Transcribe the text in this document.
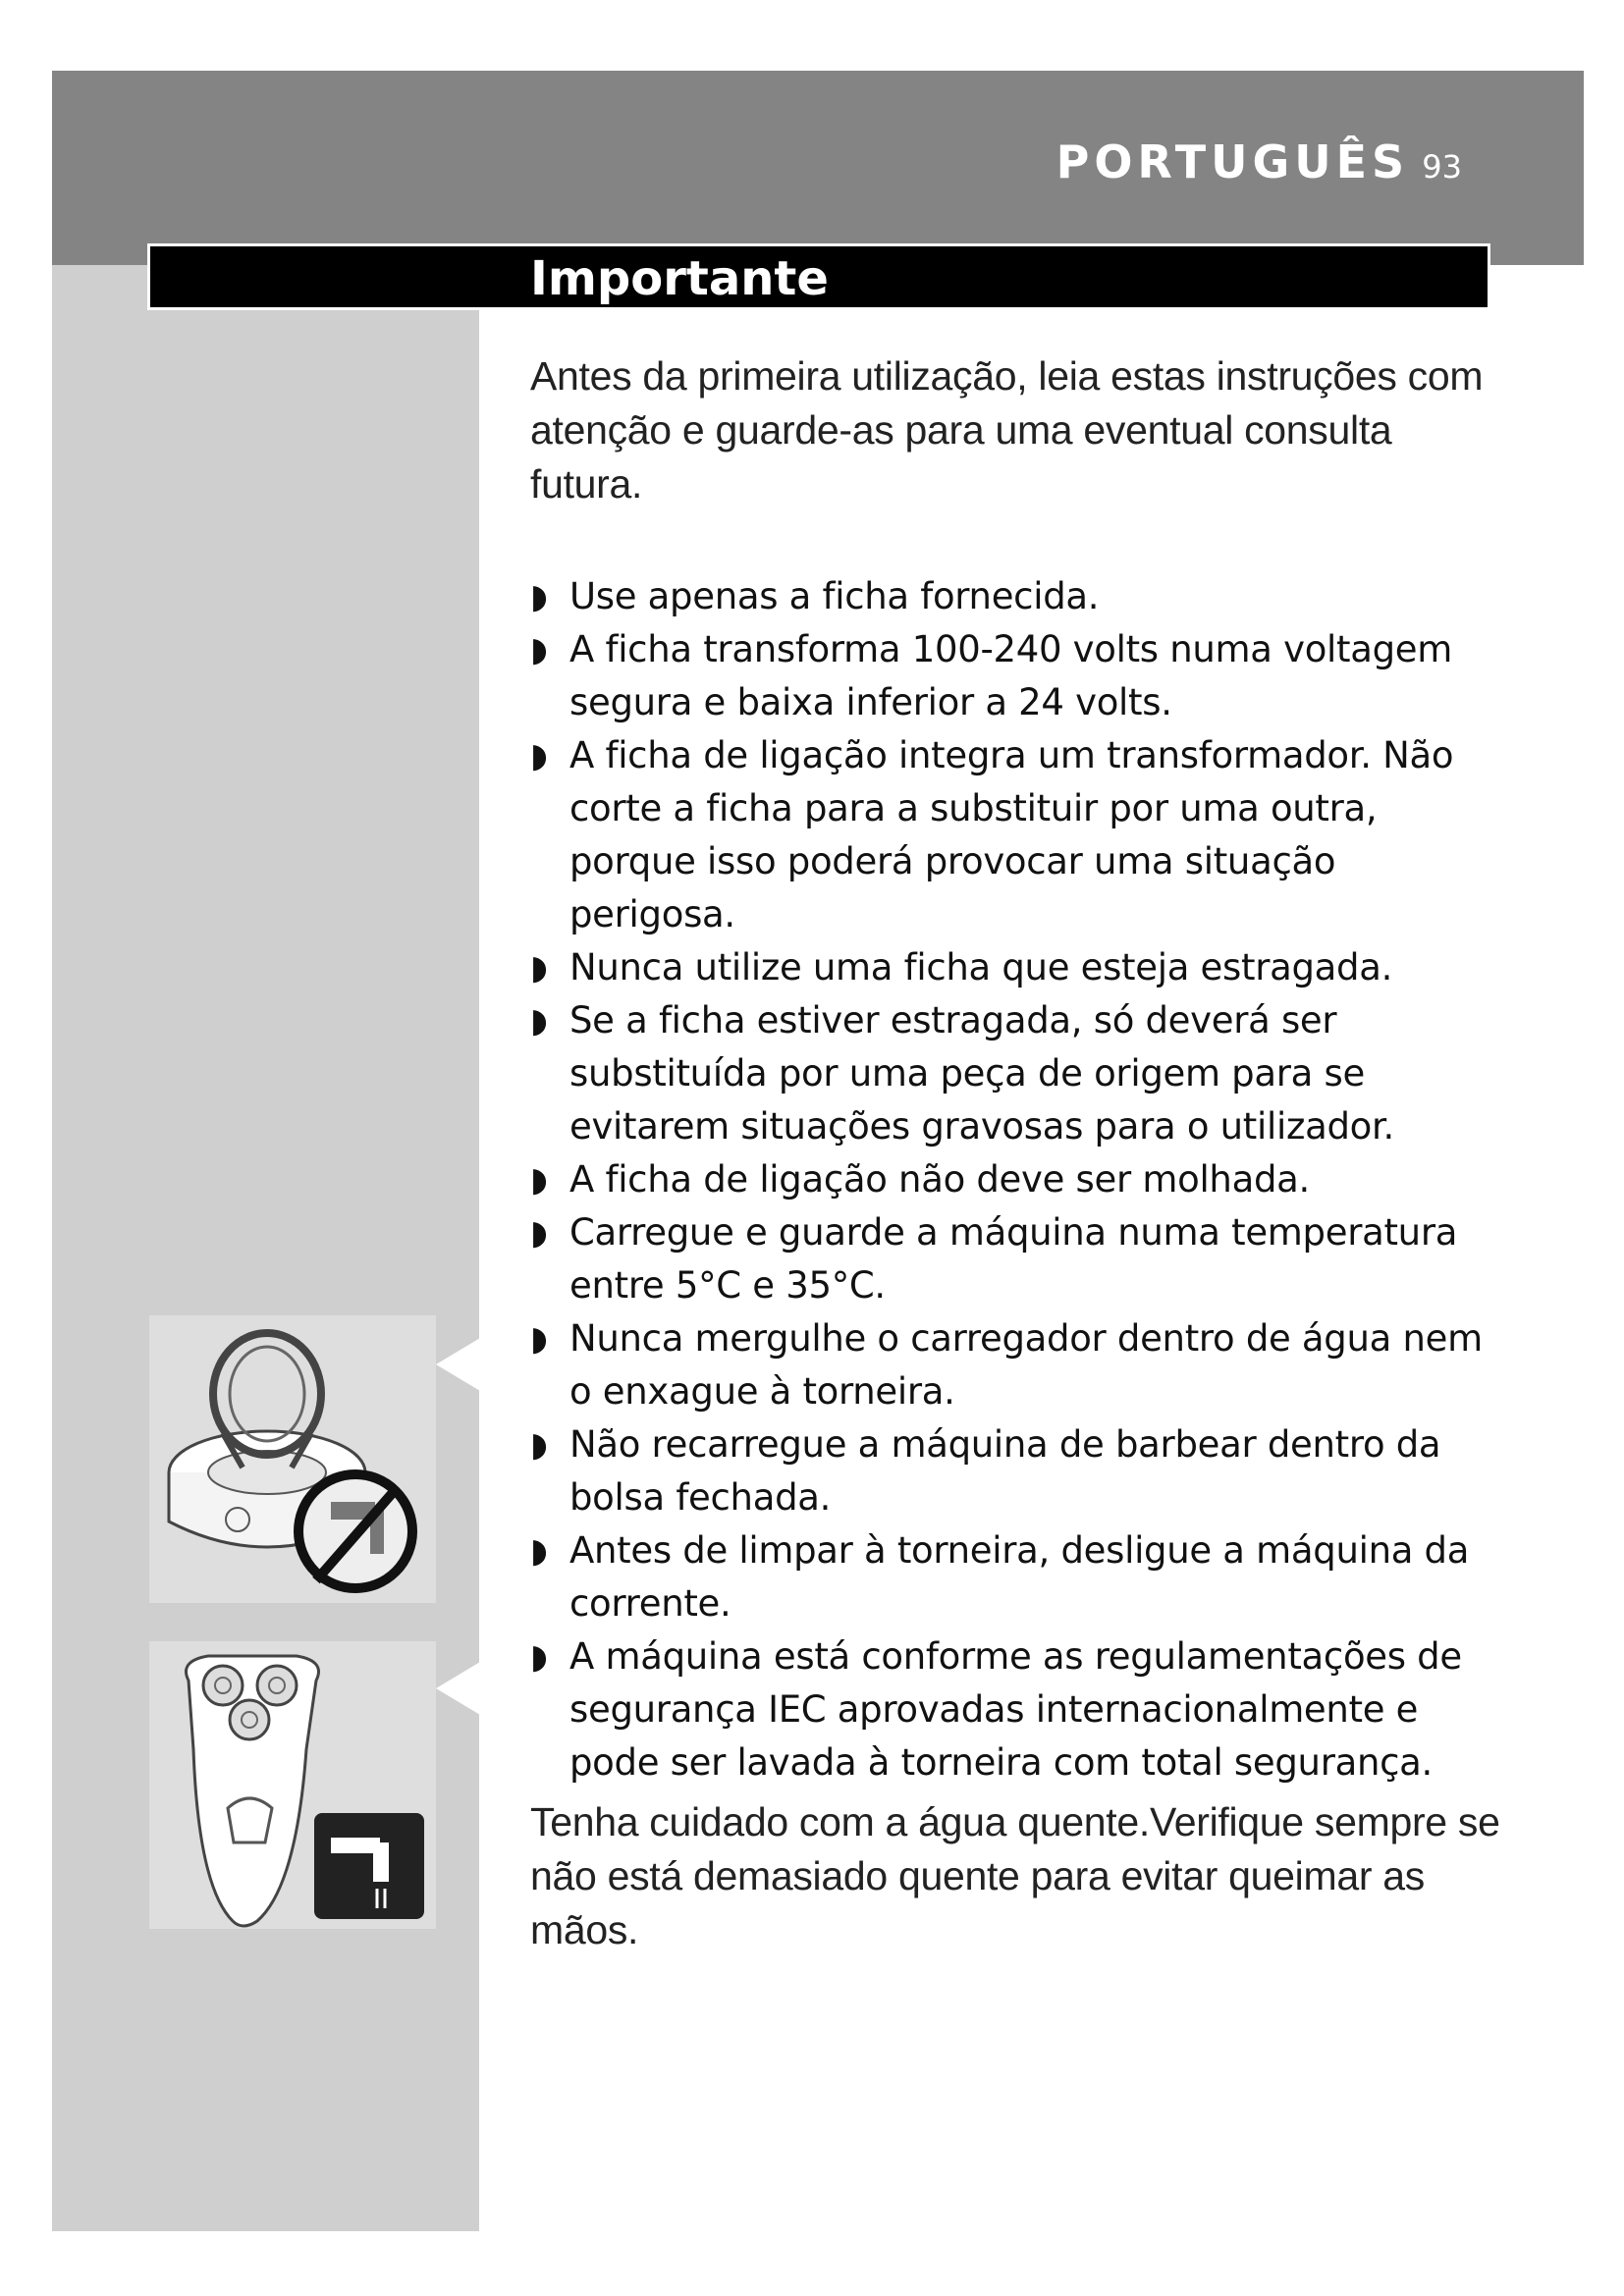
PORTUGUÊS 93
Importante

Antes da primeira utilização, leia estas instruções com atenção e guarde-as para uma eventual consulta futura.

◗ Use apenas a ficha fornecida.
◗ A ficha transforma 100-240 volts numa voltagem segura e baixa inferior a 24 volts.
◗ A ficha de ligação integra um transformador. Não corte a ficha para a substituir por uma outra, porque isso poderá provocar uma situação perigosa.
◗ Nunca utilize uma ficha que esteja estragada.
◗ Se a ficha estiver estragada, só deverá ser substituída por uma peça de origem para se evitarem situações gravosas para o utilizador.
◗ A ficha de ligação não deve ser molhada.
◗ Carregue e guarde a máquina numa temperatura entre 5°C e 35°C.
◗ Nunca mergulhe o carregador dentro de água nem o enxague à torneira.
◗ Não recarregue a máquina de barbear dentro da bolsa fechada.
◗ Antes de limpar à torneira, desligue a máquina da corrente.
◗ A máquina está conforme as regulamentações de segurança IEC aprovadas internacionalmente e pode ser lavada à torneira com total segurança.

Tenha cuidado com a água quente.Verifique sempre se não está demasiado quente para evitar queimar as mãos.
